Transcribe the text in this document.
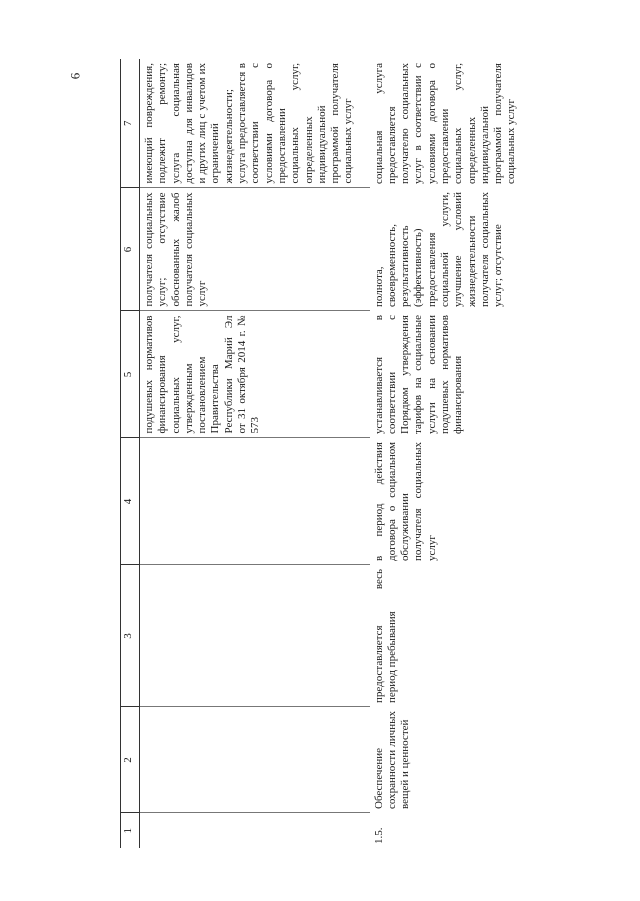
6
1	2	3	4	5	6	7
				подушевых нормативов финансирования социальных услуг, утвержденным постановлением Правительства Республики Марий Эл от 31 октября 2014 г. № 573	получателя социальных услуг; отсутствие обоснованных жалоб получателя социальных услуг	имеющий повреждения, подлежит ремонту; услуга социальная доступна для инвалидов и других лиц с учетом их ограничений жизнедеятельности; услуга предоставляется в соответствии с условиями договора о предоставлении социальных услуг, определенных индивидуальной программой получателя социальных услуг
1.5.	Обеспечение сохранности личных вещей и ценностей	предоставляется весь период пребывания	в период действия договора о социальном обслуживании получателя социальных услуг	устанавливается в соответствии с Порядком утверждения тарифов на социальные услуги на основании подушевых нормативов финансирования	полнота, своевременность, результативность (эффективность) предоставления социальной услуги, улучшение условий жизнедеятельности получателя социальных услуг; отсутствие	социальная услуга предоставляется получателю социальных услуг в соответствии с условиями договора о предоставлении социальных услуг, определенных индивидуальной программой получателя социальных услуг
